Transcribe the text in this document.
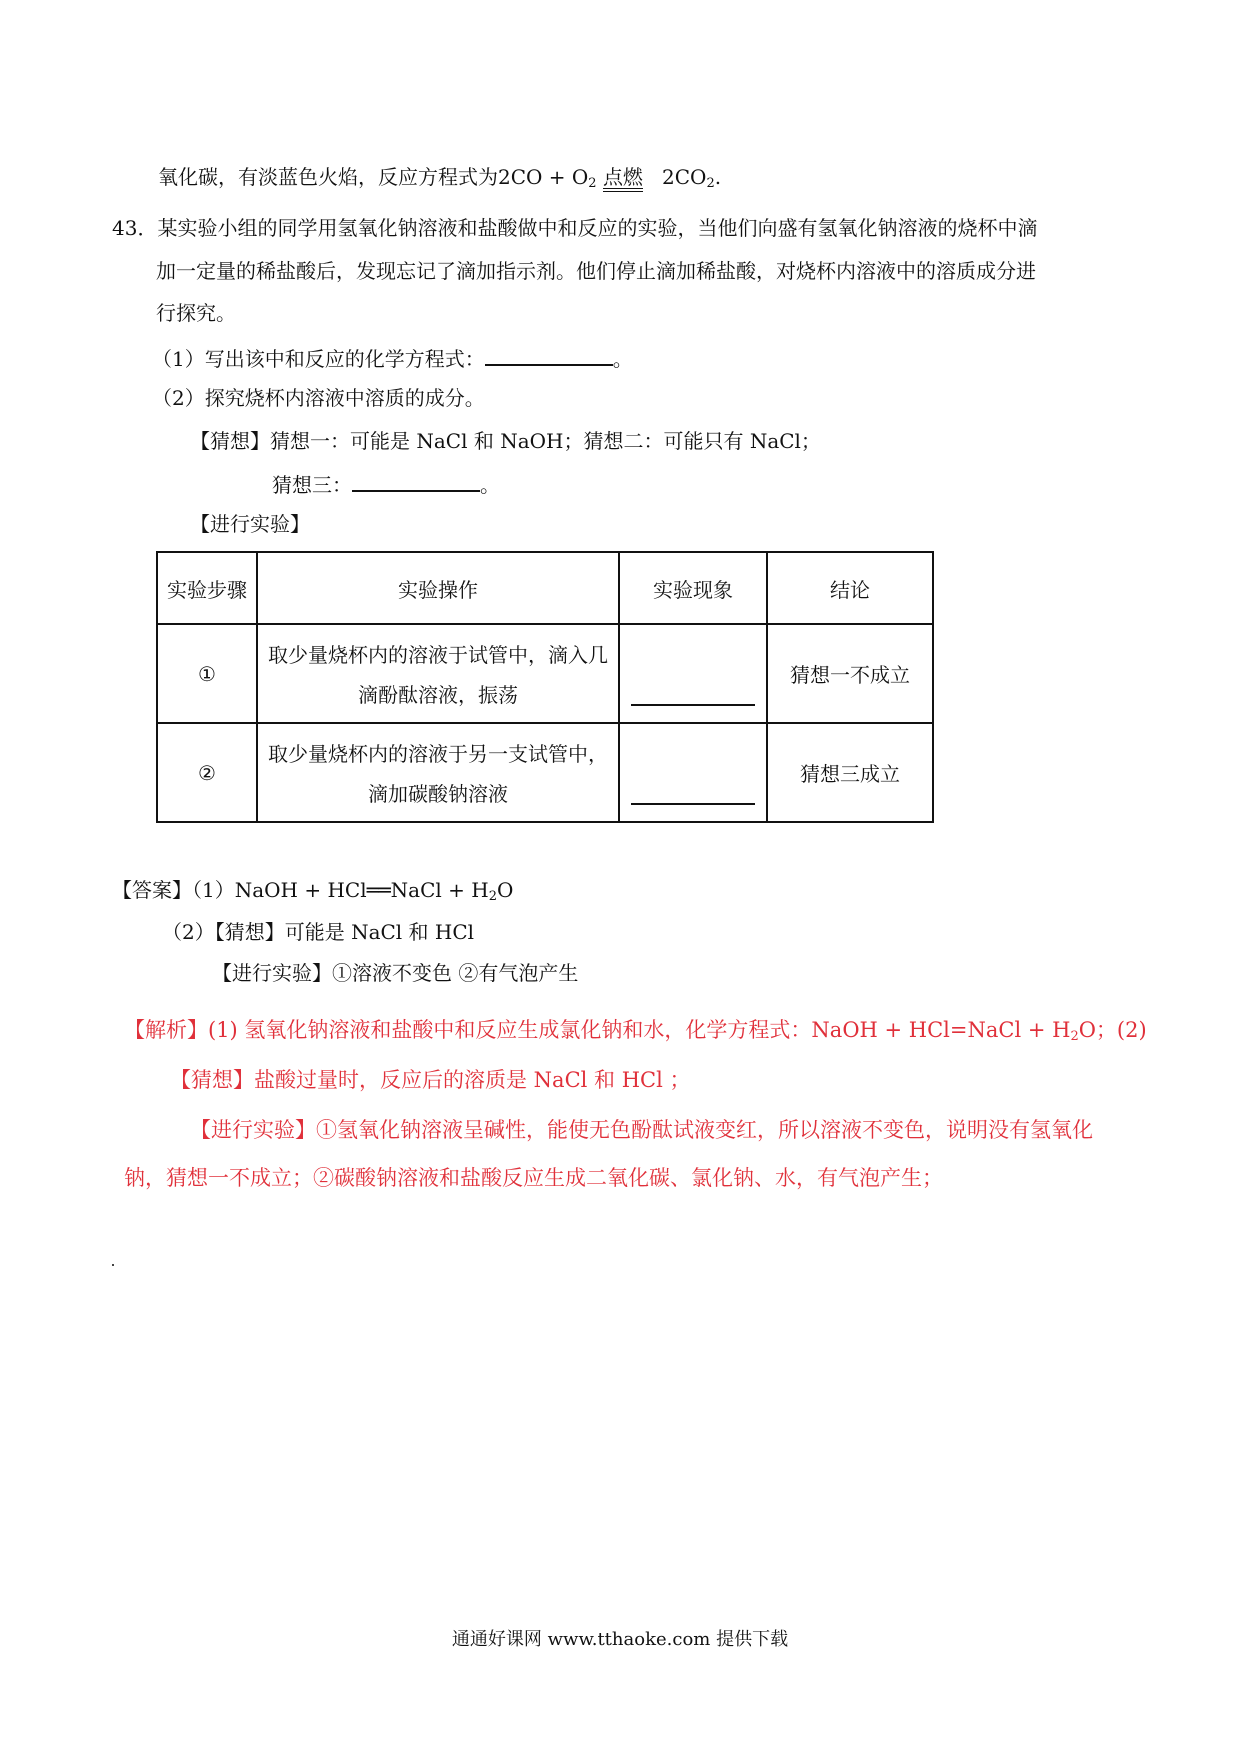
氧化碳，有淡蓝色火焰，反应方程式为$2CO + O_2$ 点燃 $2CO_2$.
43．某实验小组的同学用氢氧化钠溶液和盐酸做中和反应的实验，当他们向盛有氢氧化钠溶液的烧杯中滴
加一定量的稀盐酸后，发现忘记了滴加指示剂。他们停止滴加稀盐酸，对烧杯内溶液中的溶质成分进
行探究。
（1）写出该中和反应的化学方程式：	。
（2）探究烧杯内溶液中溶质的成分。
【猜想】猜想一：可能是 NaCl 和 NaOH；猜想二：可能只有 NaCl；
猜想三：	。
【进行实验】
实验步骤	实验操作	实验现象	结论
①	取少量烧杯内的溶液于试管中，滴入几
滴酚酞溶液，振荡		猜想一不成立
②	取少量烧杯内的溶液于另一支试管中，
滴加碳酸钠溶液		猜想三成立
【答案】（1）NaOH + HCl══NaCl + $H_2O$
（2）【猜想】可能是 NaCl 和 HCl
【进行实验】①溶液不变色 ②有气泡产生
【解析】(1) 氢氧化钠溶液和盐酸中和反应生成氯化钠和水，化学方程式：NaOH + HCl=NaCl + $H_2O$；(2)
【猜想】盐酸过量时，反应后的溶质是 NaCl 和 HCl ；
【进行实验】①氢氧化钠溶液呈碱性，能使无色酚酞试液变红，所以溶液不变色，说明没有氢氧化
钠，猜想一不成立；②碳酸钠溶液和盐酸反应生成二氧化碳、氯化钠、水，有气泡产生；
通通好课网 www.tthaoke.com 提供下载
